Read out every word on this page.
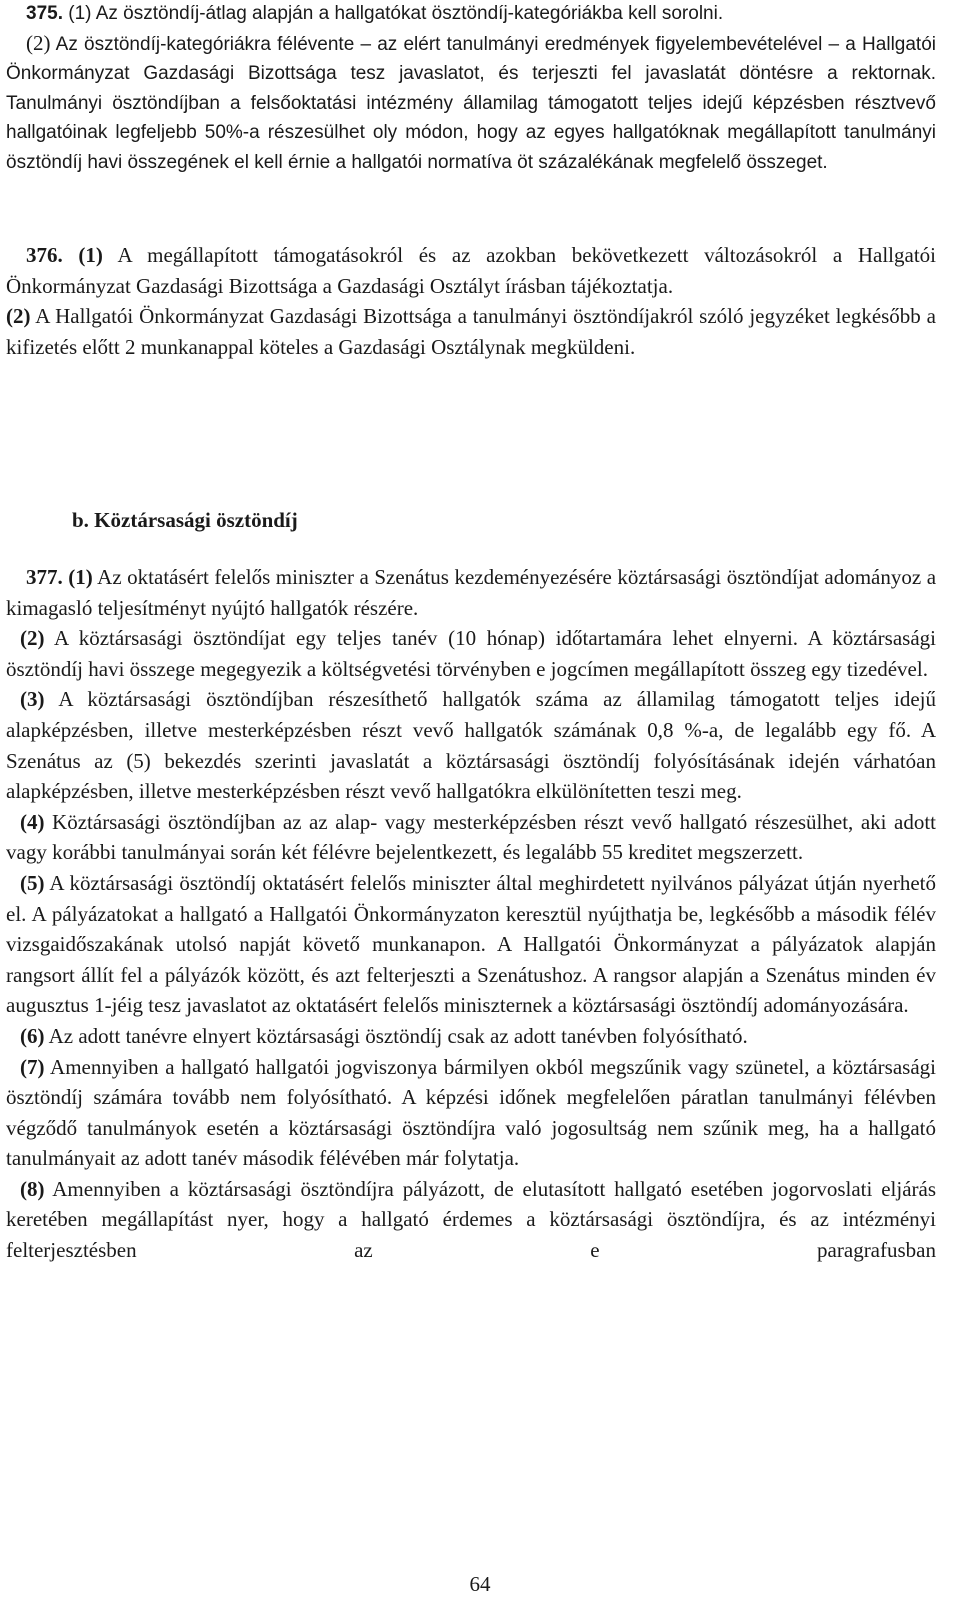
375. (1) Az ösztöndíj-átlag alapján a hallgatókat ösztöndíj-kategóriákba kell sorolni.

(2) Az ösztöndíj-kategóriákra félévente – az elért tanulmányi eredmények figyelembevételével – a Hallgatói Önkormányzat Gazdasági Bizottsága tesz javaslatot, és terjeszti fel javaslatát döntésre a rektornak. Tanulmányi ösztöndíjban a felsőoktatási intézmény államilag támogatott teljes idejű képzésben résztvevő hallgatóinak legfeljebb 50%-a részesülhet oly módon, hogy az egyes hallgatóknak megállapított tanulmányi ösztöndíj havi összegének el kell érnie a hallgatói normatíva öt százalékának megfelelő összeget.

376. (1) A megállapított támogatásokról és az azokban bekövetkezett változásokról a Hallgatói Önkormányzat Gazdasági Bizottsága a Gazdasági Osztályt írásban tájékoztatja.

(2) A Hallgatói Önkormányzat Gazdasági Bizottsága a tanulmányi ösztöndíjakról szóló jegyzéket legkésőbb a kifizetés előtt 2 munkanappal köteles a Gazdasági Osztálynak megküldeni.

377. (1) Az oktatásért felelős miniszter a Szenátus kezdeményezésére köztársasági ösztöndíjat adományoz a kimagasló teljesítményt nyújtó hallgatók részére.

(2) A köztársasági ösztöndíjat egy teljes tanév (10 hónap) időtartamára lehet elnyerni. A köztársasági ösztöndíj havi összege megegyezik a költségvetési törvényben e jogcímen megállapított összeg egy tizedével.

(3) A köztársasági ösztöndíjban részesíthető hallgatók száma az államilag támogatott teljes idejű alapképzésben, illetve mesterképzésben részt vevő hallgatók számának 0,8 %-a, de legalább egy fő. A Szenátus az (5) bekezdés szerinti javaslatát a köztársasági ösztöndíj folyósításának idején várhatóan alapképzésben, illetve mesterképzésben részt vevő hallgatókra elkülönítetten teszi meg.

(4) Köztársasági ösztöndíjban az az alap- vagy mesterképzésben részt vevő hallgató részesülhet, aki adott vagy korábbi tanulmányai során két félévre bejelentkezett, és legalább 55 kreditet megszerzett.

(5) A köztársasági ösztöndíj oktatásért felelős miniszter által meghirdetett nyilvános pályázat útján nyerhető el. A pályázatokat a hallgató a Hallgatói Önkormányzaton keresztül nyújthatja be, legkésőbb a második félév vizsgaidőszakának utolsó napját követő munkanapon. A Hallgatói Önkormányzat a pályázatok alapján rangsort állít fel a pályázók között, és azt felterjeszti a Szenátushoz. A rangsor alapján a Szenátus minden év augusztus 1-jéig tesz javaslatot az oktatásért felelős miniszternek a köztársasági ösztöndíj adományozására.

(6) Az adott tanévre elnyert köztársasági ösztöndíj csak az adott tanévben folyósítható.

(7) Amennyiben a hallgató hallgatói jogviszonya bármilyen okból megszűnik vagy szünetel, a köztársasági ösztöndíj számára tovább nem folyósítható. A képzési időnek megfelelően páratlan tanulmányi félévben végződő tanulmányok esetén a köztársasági ösztöndíjra való jogosultság nem szűnik meg, ha a hallgató tanulmányait az adott tanév második félévében már folytatja.

(8) Amennyiben a köztársasági ösztöndíjra pályázott, de elutasított hallgató esetében jogorvoslati eljárás keretében megállapítást nyer, hogy a hallgató érdemes a köztársasági ösztöndíjra, és az intézményi felterjesztésben az e paragrafusban

b. Köztársasági ösztöndíj
64
